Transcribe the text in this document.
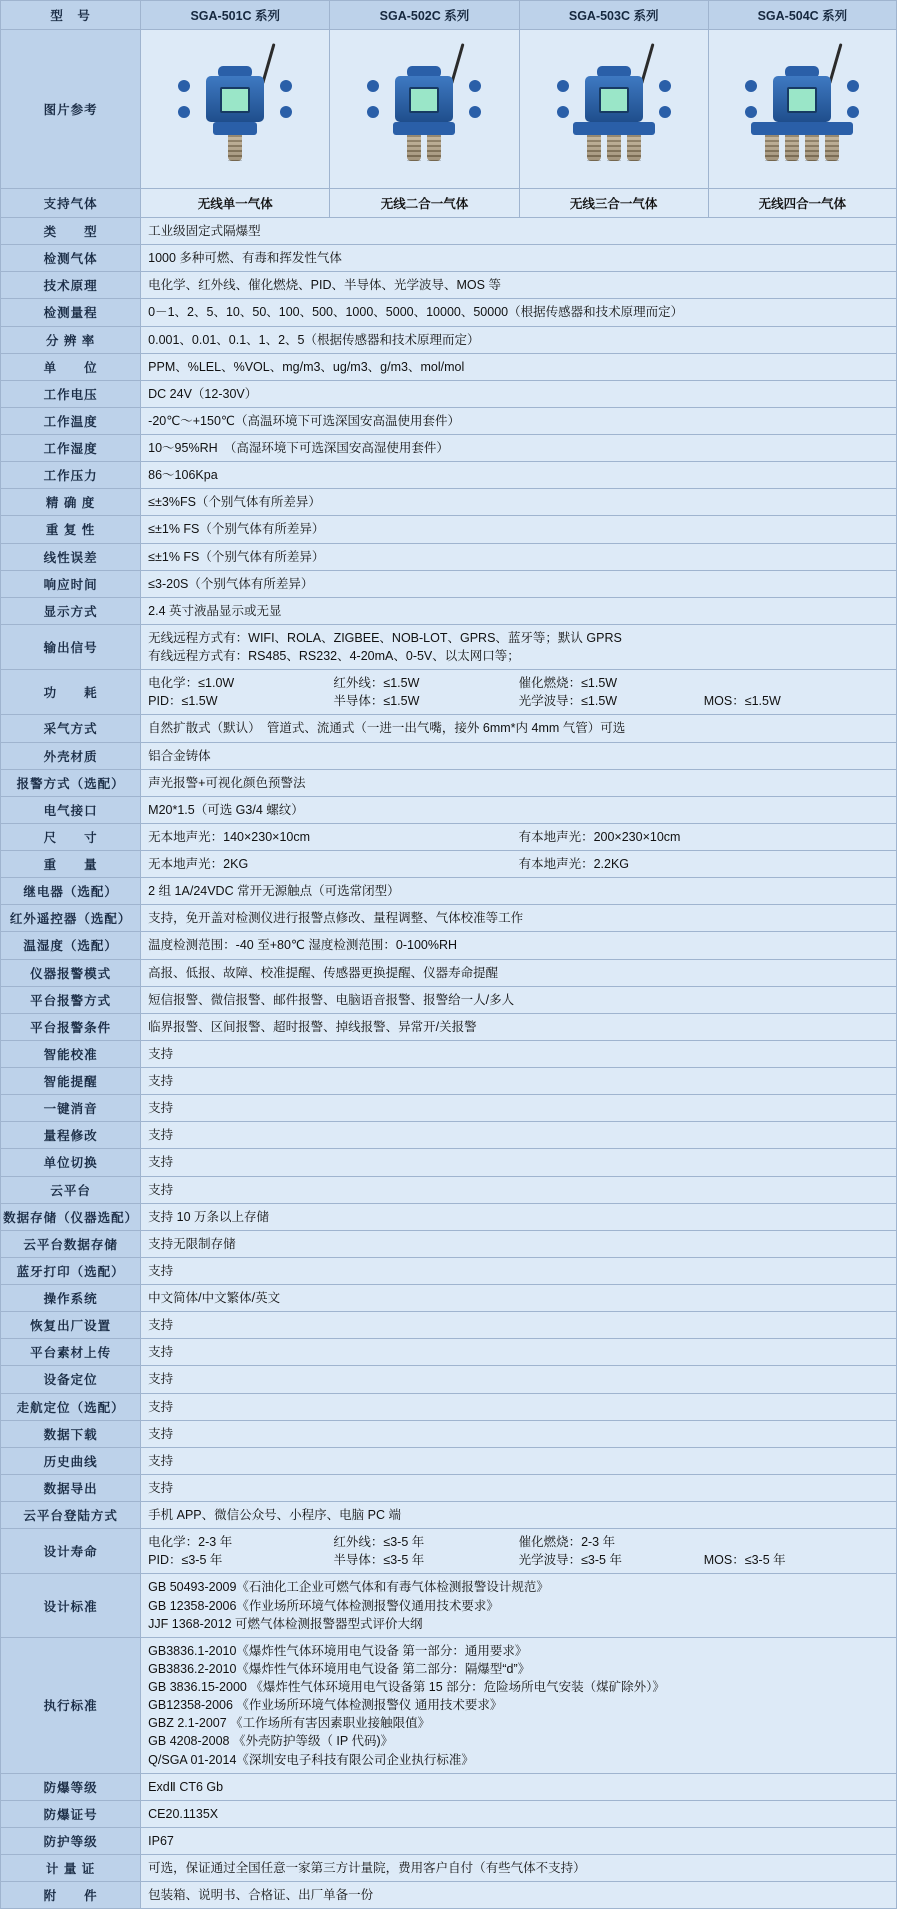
型　号	SGA-501C 系列	SGA-502C 系列	SGA-503C 系列	SGA-504C 系列
图片参考	

支持气体	无线单一气体	无线二合一气体	无线三合一气体	无线四合一气体
类　　型	工业级固定式隔爆型			
检测气体	1000 多种可燃、有毒和挥发性气体			
技术原理	电化学、红外线、催化燃烧、PID、半导体、光学波导、MOS 等			
检测量程	0－1、2、5、10、50、100、500、1000、5000、10000、50000（根据传感器和技术原理而定）			
分 辨 率	0.001、0.01、0.1、1、2、5（根据传感器和技术原理而定）			
单　　位	PPM、%LEL、%VOL、mg/m3、ug/m3、g/m3、mol/mol			
工作电压	DC 24V（12-30V）			
工作温度	-20℃～+150℃（高温环境下可选深国安高温使用套件）			
工作湿度	10～95%RH　（高湿环境下可选深国安高湿使用套件）			
工作压力	86～106Kpa			
精 确 度	≤±3%FS（个别气体有所差异）			
重 复 性	≤±1% FS（个别气体有所差异）			
线性误差	≤±1% FS（个别气体有所差异）			
响应时间	≤3-20S（个别气体有所差异）			
显示方式	2.4 英寸液晶显示或无显			
输出信号	无线远程方式有：WIFI、ROLA、ZIGBEE、NOB-LOT、GPRS、蓝牙等；默认 GPRS
有线远程方式有：RS485、RS232、4-20mA、0-5V、以太网口等；			

功　　耗	
电化学：≤1.0W	红外线：≤1.5W	催化燃烧：≤1.5W
PID：≤1.5W	半导体：≤1.5W	光学波导：≤1.5W	MOS：≤1.5W

采气方式	自然扩散式（默认）　管道式、流通式（一进一出气嘴，接外 6mm*内 4mm 气管）可选			
外壳材质	铝合金铸体			
报警方式（选配）	声光报警+可视化颜色预警法			
电气接口	M20*1.5（可选 G3/4 螺纹）			
尺　　寸	无本地声光：140×230×10cm 有本地声光：200×230×10cm			

重　　量	无本地声光：2KG 有本地声光：2.2KG			

继电器（选配）	2 组 1A/24VDC 常开无源触点（可选常闭型）			
红外遥控器（选配）	支持，免开盖对检测仪进行报警点修改、量程调整、气体校准等工作			
温湿度（选配）	温度检测范围：-40 至+80℃ 湿度检测范围：0-100%RH			
仪器报警模式	高报、低报、故障、校准提醒、传感器更换提醒、仪器寿命提醒			
平台报警方式	短信报警、微信报警、邮件报警、电脑语音报警、报警给一人/多人			
平台报警条件	临界报警、区间报警、超时报警、掉线报警、异常开/关报警			
智能校准	支持			
智能提醒	支持			
一键消音	支持			
量程修改	支持			
单位切换	支持			
云平台	支持			
数据存储（仪器选配）	支持 10 万条以上存储			
云平台数据存储	支持无限制存储			
蓝牙打印（选配）	支持			
操作系统	中文简体/中文繁体/英文			
恢复出厂设置	支持			
平台素材上传	支持			
设备定位	支持			
走航定位（选配）	支持			
数据下载	支持			
历史曲线	支持			
数据导出	支持			
云平台登陆方式	手机 APP、微信公众号、小程序、电脑 PC 端			
设计寿命	
电化学：2-3 年	红外线：≤3-5 年	催化燃烧：2-3 年
PID：≤3-5 年	半导体：≤3-5 年	光学波导：≤3-5 年	MOS：≤3-5 年

设计标准	GB 50493-2009《石油化工企业可燃气体和有毒气体检测报警设计规范》
GB 12358-2006《作业场所环境气体检测报警仪通用技术要求》
JJF 1368-2012 可燃气体检测报警器型式评价大纲			

执行标准	
GB3836.1-2010《爆炸性气体环境用电气设备 第一部分：通用要求》
GB3836.2-2010《爆炸性气体环境用电气设备 第二部分：隔爆型“d”》
GB 3836.15-2000 《爆炸性气体环境用电气设备第 15 部分：危险场所电气安装（煤矿除外）》
GB12358-2006 《作业场所环境气体检测报警仪 通用技术要求》
GBZ 2.1-2007 《工作场所有害因素职业接触限值》
GB 4208-2008 《外壳防护等级（ IP 代码)》
Q/SGA 01-2014《深圳安电子科技有限公司企业执行标准》

防爆等级	ExdⅡ CT6 Gb			
防爆证号	CE20.1135X			
防护等级	IP67			
计 量 证	可选，保证通过全国任意一家第三方计量院，费用客户自付（有些气体不支持）			
附　　件	包装箱、说明书、合格证、出厂单备一份			
